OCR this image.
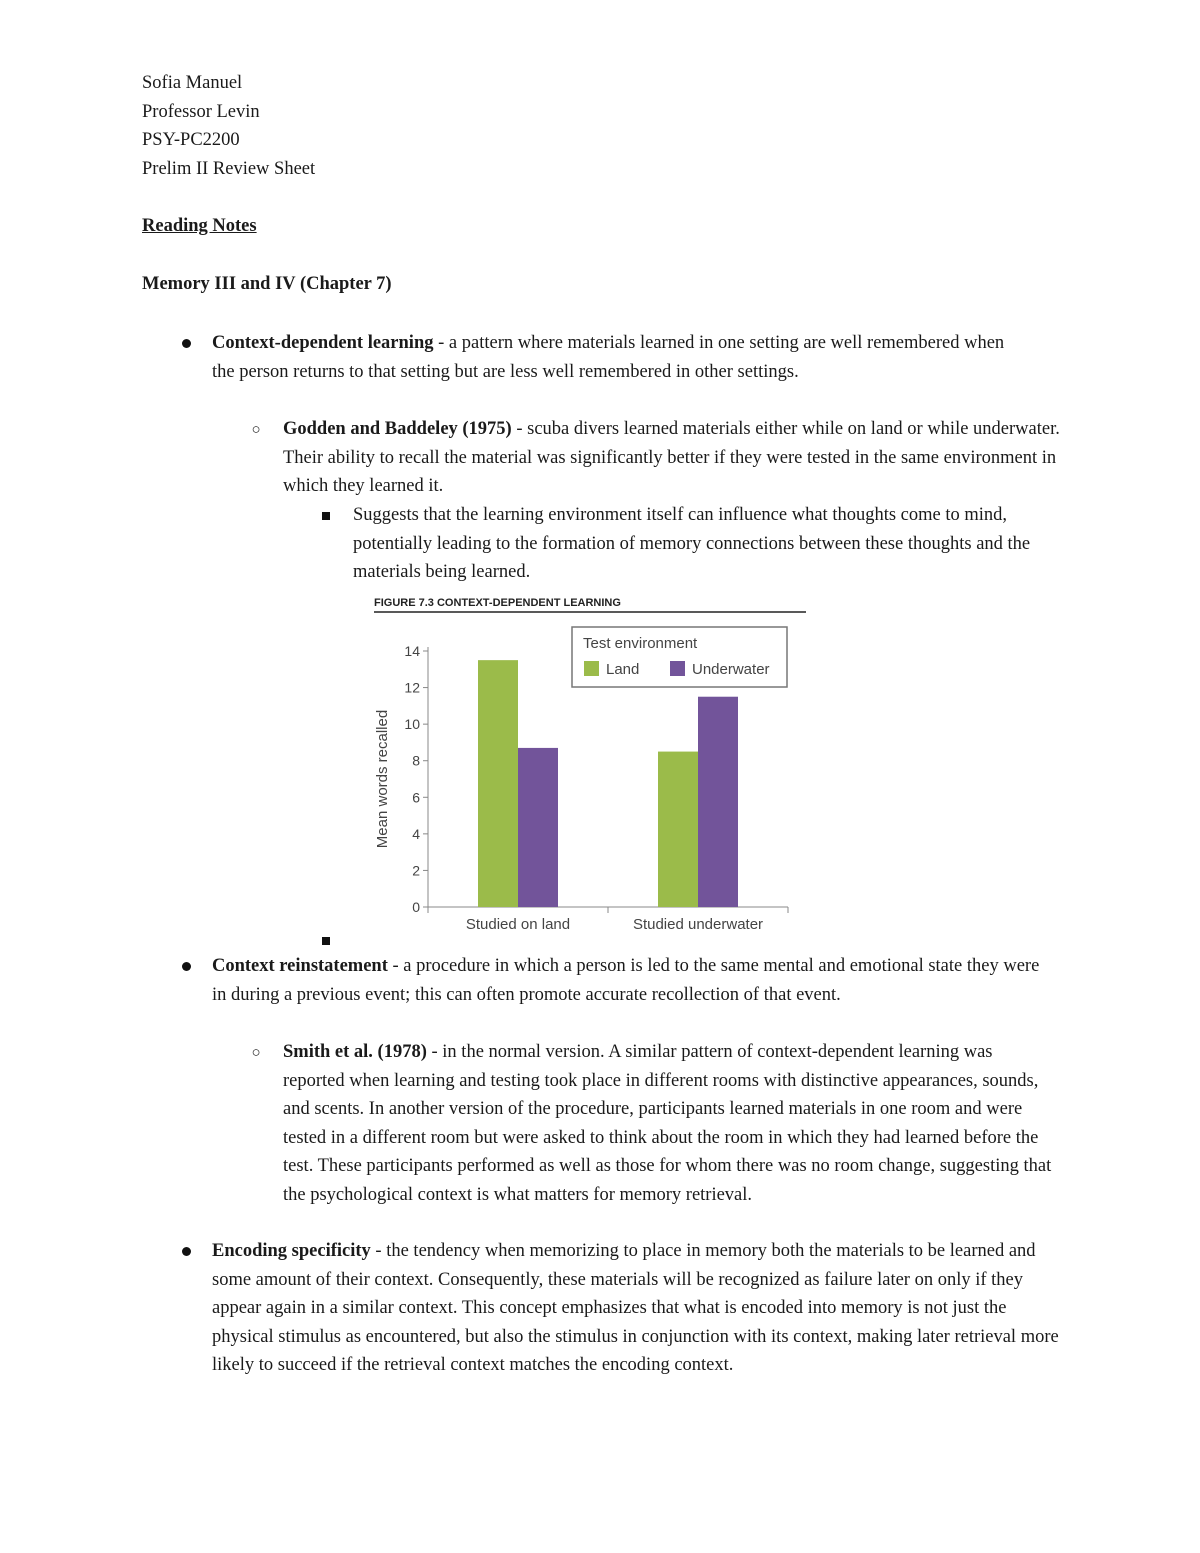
Sofia Manuel
Professor Levin
PSY-PC2200
Prelim II Review Sheet
Reading Notes
Memory III and IV (Chapter 7)
Context-dependent learning - a pattern where materials learned in one setting are well remembered when the person returns to that setting but are less well remembered in other settings.
○ Godden and Baddeley (1975) - scuba divers learned materials either while on land or while underwater. Their ability to recall the material was significantly better if they were tested in the same environment in which they learned it.
Suggests that the learning environment itself can influence what thoughts come to mind, potentially leading to the formation of memory connections between these thoughts and the materials being learned.
FIGURE 7.3 CONTEXT-DEPENDENT LEARNING
0
2
4
6
8
10
12
14
Mean words recalled
Studied on land	Studied underwater
Test environment
Land	Underwater
Context reinstatement - a procedure in which a person is led to the same mental and emotional state they were in during a previous event; this can often promote accurate recollection of that event.
○ Smith et al. (1978) - in the normal version. A similar pattern of context-dependent learning was reported when learning and testing took place in different rooms with distinctive appearances, sounds, and scents. In another version of the procedure, participants learned materials in one room and were tested in a different room but were asked to think about the room in which they had learned before the test. These participants performed as well as those for whom there was no room change, suggesting that the psychological context is what matters for memory retrieval.
Encoding specificity - the tendency when memorizing to place in memory both the materials to be learned and some amount of their context. Consequently, these materials will be recognized as failure later on only if they appear again in a similar context. This concept emphasizes that what is encoded into memory is not just the physical stimulus as encountered, but also the stimulus in conjunction with its context, making later retrieval more likely to succeed if the retrieval context matches the encoding context.
